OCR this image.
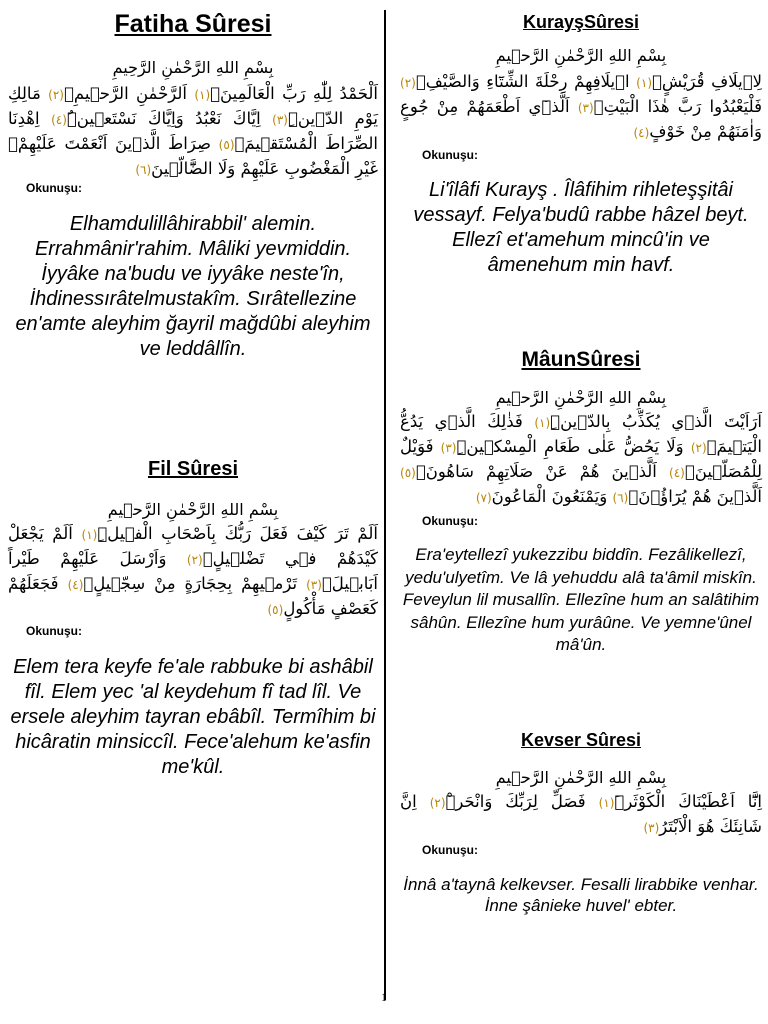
Fatiha Sûresi
بِسْمِ اللهِ الرَّحْمٰنِ الرَّحِيمِ
اَلْحَمْدُ لِلّٰهِ رَبِّ الْعَالَمِينَۙ(١) اَلرَّحْمٰنِ الرَّح۪يمِۙ(٢) مَالِكِ يَوْمِ الدّ۪ينِۜ(٣) اِيَّاكَ نَعْبُدُ وَاِيَّاكَ نَسْتَع۪ينُۜ(٤) اِهْدِنَا الصِّرَاطَ الْمُسْتَق۪يمَۙ(٥) صِرَاطَ الَّذ۪ينَ اَنْعَمْتَ عَلَيْهِمْۙ غَيْرِ الْمَغْضُوبِ عَلَيْهِمْ وَلَا الضَّٓالّ۪ينَ(٦)
Okunuşu:
Elhamdulillâhirabbil' alemin. Errahmânir'rahim. Mâliki yevmiddin. İyyâke na'budu ve iyyâke neste'în, İhdinessırâtelmustakîm. Sırâtellezine en'amte aleyhim ğayril mağdûbi aleyhim ve leddâllîn.
Fil Sûresi
بِسْمِ اللهِ الرَّحْمٰنِ الرَّح۪يمِ
اَلَمْ تَرَ كَيْفَ فَعَلَ رَبُّكَ بِاَصْحَابِ الْف۪يلِۜ(١) اَلَمْ يَجْعَلْ كَيْدَهُمْ ف۪ي تَضْل۪يلٍۙ(٢) وَاَرْسَلَ عَلَيْهِمْ طَيْراً اَبَاب۪يلَۙ(٣) تَرْم۪يهِمْ بِحِجَارَةٍ مِنْ سِجّ۪يلٍۙ(٤) فَجَعَلَهُمْ كَعَصْفٍ مَأْكُولٍ(٥)
Okunuşu:
Elem tera keyfe fe'ale rabbuke bi ashâbil fîl. Elem yec 'al keydehum fî tad lîl. Ve ersele aleyhim tayran ebâbîl. Termîhim bi hicâratin minsiccîl. Fece'alehum ke'asfin me'kûl.
KurayşSûresi
بِسْمِ اللهِ الرَّحْمٰنِ الرَّح۪يمِ
لِا۪يلَافِ قُرَيْشٍۙ(١) ا۪يلَافِهِمْ رِحْلَةَ الشِّتَٓاءِ وَالصَّيْفِۚ(٢) فَلْيَعْبُدُوا رَبَّ هٰذَا الْبَيْتِۙ(٣) اَلَّذ۪ٓي اَطْعَمَهُمْ مِنْ جُوعٍ وَاٰمَنَهُمْ مِنْ خَوْفٍ(٤)
Okunuşu:
Li'îlâfi Kurayş . Îlâfihim rihleteşşitâi vessayf. Felya'budû rabbe hâzel beyt. Ellezî et'amehum mincû'in ve âmenehum min havf.
MâunSûresi
بِسْمِ اللهِ الرَّحْمٰنِ الرَّح۪يمِ
اَرَاَيْتَ الَّذ۪ي يُكَذِّبُ بِالدّ۪ينِۜ(١) فَذٰلِكَ الَّذ۪ي يَدُعُّ الْيَت۪يمَۙ(٢) وَلَا يَحُضُّ عَلٰى طَعَامِ الْمِسْك۪ينِۜ(٣) فَوَيْلٌ لِلْمُصَلّ۪ينَۙ(٤) اَلَّذ۪ينَ هُمْ عَنْ صَلَاتِهِمْ سَاهُونَۙ(٥) اَلَّذ۪ينَ هُمْ يُرَٓاؤُ۫نَۙ(٦) وَيَمْنَعُونَ الْمَاعُونَ(٧)
Okunuşu:
Era'eytellezî yukezzibu biddîn. Fezâlikellezî, yedu'ulyetîm. Ve lâ yehuddu alâ ta'âmil miskîn. Feveylun lil musallîn. Ellezîne hum an salâtihim sâhûn. Ellezîne hum yurâûne. Ve yemne'ûnel mâ'ûn.
Kevser Sûresi
بِسْمِ اللهِ الرَّحْمٰنِ الرَّح۪يمِ
اِنَّٓا اَعْطَيْنَاكَ الْكَوْثَرَۜ(١) فَصَلِّ لِرَبِّكَ وَانْحَرْۜ(٢) اِنَّ شَانِئَكَ هُوَ الْاَبْتَرُ(٣)
Okunuşu:
İnnâ a'taynâ kelkevser. Fesalli lirabbike venhar. İnne şânieke huvel' ebter.
1
